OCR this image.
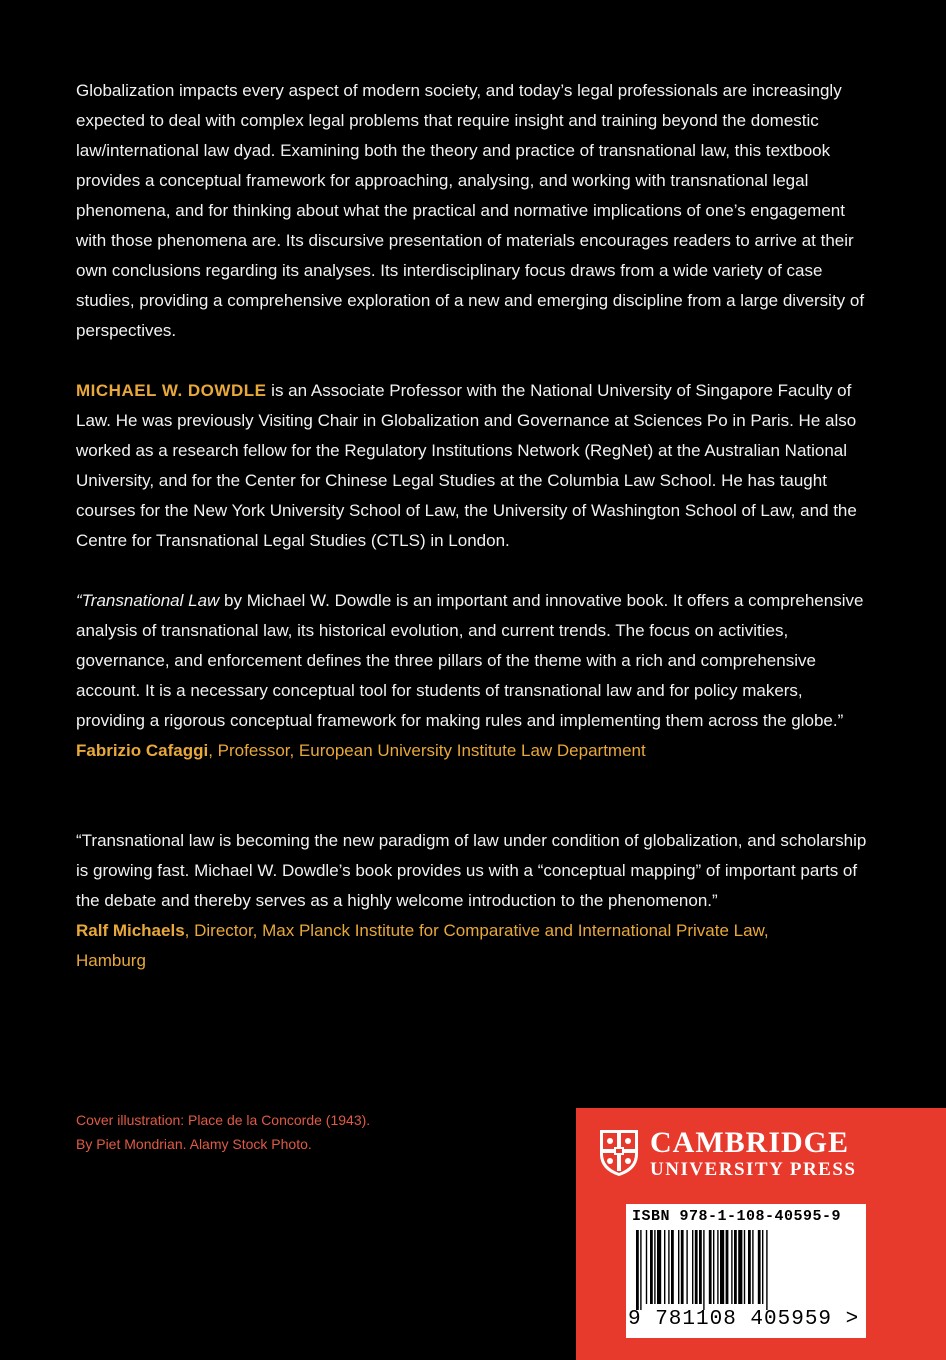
Globalization impacts every aspect of modern society, and today’s legal professionals are increasingly expected to deal with complex legal problems that require insight and training beyond the domestic law/international law dyad. Examining both the theory and practice of transnational law, this textbook provides a conceptual framework for approaching, analysing, and working with transnational legal phenomena, and for thinking about what the practical and normative implications of one’s engagement with those phenomena are. Its discursive presentation of materials encourages readers to arrive at their own conclusions regarding its analyses. Its interdisciplinary focus draws from a wide variety of case studies, providing a comprehensive exploration of a new and emerging discipline from a large diversity of perspectives.
MICHAEL W. DOWDLE is an Associate Professor with the National University of Singapore Faculty of Law. He was previously Visiting Chair in Globalization and Governance at Sciences Po in Paris. He also worked as a research fellow for the Regulatory Institutions Network (RegNet) at the Australian National University, and for the Center for Chinese Legal Studies at the Columbia Law School. He has taught courses for the New York University School of Law, the University of Washington School of Law, and the Centre for Transnational Legal Studies (CTLS) in London.
“Transnational Law by Michael W. Dowdle is an important and innovative book. It offers a comprehensive analysis of transnational law, its historical evolution, and current trends. The focus on activities, governance, and enforcement defines the three pillars of the theme with a rich and comprehensive account. It is a necessary conceptual tool for students of transnational law and for policy makers, providing a rigorous conceptual framework for making rules and implementing them across the globe.”
Fabrizio Cafaggi, Professor, European University Institute Law Department
“Transnational law is becoming the new paradigm of law under condition of globalization, and scholarship is growing fast. Michael W. Dowdle’s book provides us with a “conceptual mapping” of important parts of the debate and thereby serves as a highly welcome introduction to the phenomenon.”
Ralf Michaels, Director, Max Planck Institute for Comparative and International Private Law, Hamburg
Cover illustration: Place de la Concorde (1943).
By Piet Mondrian. Alamy Stock Photo.	CAMBRIDGE
UNIVERSITY PRESS
ISBN 978-1-108-40595-9
9 781108 405959 >
